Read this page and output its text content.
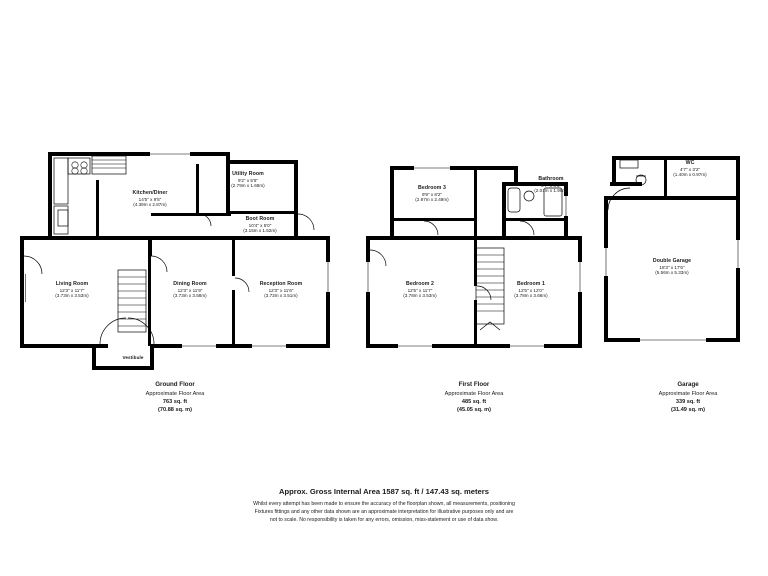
Kitchen/Diner
14'5" x 9'5"
(4.39m x 2.87m)
Utility Room
9'2" x 5'6"
(2.79m x 1.68m)
Boot Room
10'4" x 5'0"
(3.15m x 1.52m)
Living Room
12'3" x 11'7"
(3.73m x 3.53m)
Dining Room
12'3" x 11'9"
(3.73m x 3.58m)
Reception Room
12'3" x 11'6"
(3.73m x 3.51m)
Vestibule
Bedroom 3
9'9" x 8'2"
(2.97m x 2.49m)
Bathroom
6'7" x 6'5"
(2.01m x 1.96m)
Bedroom 2
12'5" x 11'7"
(3.78m x 3.53m)
Bedroom 1
12'5" x 12'0"
(3.78m x 3.66m)
WC
4'7" x 3'2"
(1.40m x 0.97m)
Double Garage
18'3" x 17'6"
(5.56m x 5.33m)
Ground Floor
Approximate Floor Area
763 sq. ft
(70.88 sq. m)
First Floor
Approximate Floor Area
485 sq. ft
(45.05 sq. m)
Garage
Approximate Floor Area
339 sq. ft
(31.49 sq. m)
Approx. Gross Internal Area 1587 sq. ft / 147.43 sq. meters
Whilst every attempt has been made to ensure the accuracy of the floorplan shown, all measurements, positioning
Fixtures fittings and any other data shown are an approximate interpretation for illustrative purposes only and are
not to scale. No responsibility is taken for any errors, omission, miss-statement or use of data show.
